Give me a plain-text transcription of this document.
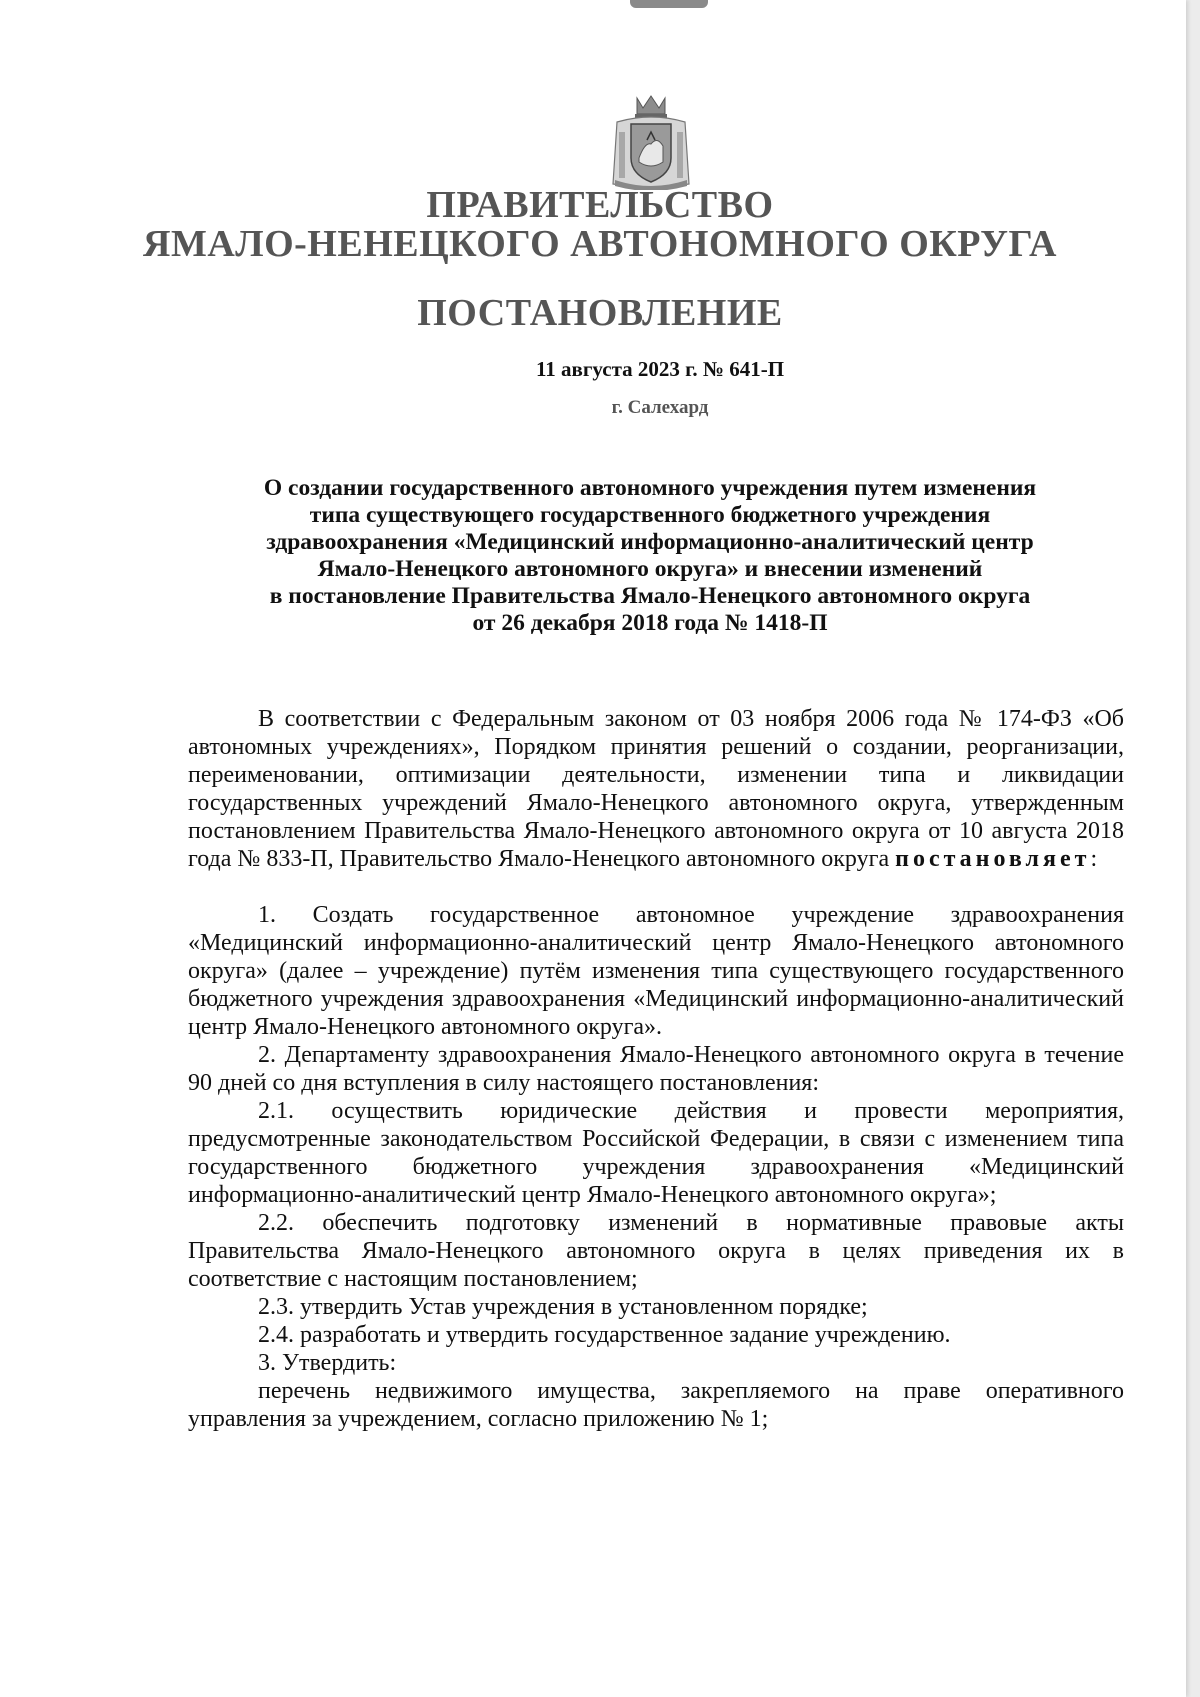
ПРАВИТЕЛЬСТВО
ЯМАЛО-НЕНЕЦКОГО АВТОНОМНОГО ОКРУГА
ПОСТАНОВЛЕНИЕ
11 августа 2023 г. № 641-П
г. Салехард
О создании государственного автономного учреждения путем изменения
типа существующего государственного бюджетного учреждения
здравоохранения «Медицинский информационно-аналитический центр
Ямало-Ненецкого автономного округа» и внесении изменений
в постановление Правительства Ямало-Ненецкого автономного округа
от 26 декабря 2018 года № 1418-П

В соответствии с Федеральным законом от 03 ноября 2006 года № 174-ФЗ «Об автономных учреждениях», Порядком принятия решений о создании, реорганизации, переименовании, оптимизации деятельности, изменении типа и ликвидации государственных учреждений Ямало-Ненецкого автономного округа, утвержденным постановлением Правительства Ямало-Ненецкого автономного округа от 10 августа 2018 года № 833-П, Правительство Ямало-Ненецкого автономного округа постановляет:

1. Создать государственное автономное учреждение здравоохранения «Медицинский информационно-аналитический центр Ямало-Ненецкого автономного округа» (далее – учреждение) путём изменения типа существующего государственного бюджетного учреждения здравоохранения «Медицинский информационно-аналитический центр Ямало-Ненецкого автономного округа».

2. Департаменту здравоохранения Ямало-Ненецкого автономного округа в течение 90 дней со дня вступления в силу настоящего постановления:

2.1. осуществить юридические действия и провести мероприятия, предусмотренные законодательством Российской Федерации, в связи с изменением типа государственного бюджетного учреждения здравоохранения «Медицинский информационно-аналитический центр Ямало-Ненецкого автономного округа»;

2.2. обеспечить подготовку изменений в нормативные правовые акты Правительства Ямало-Ненецкого автономного округа в целях приведения их в соответствие с настоящим постановлением;

2.3. утвердить Устав учреждения в установленном порядке;

2.4. разработать и утвердить государственное задание учреждению.

3. Утвердить:

перечень недвижимого имущества, закрепляемого на праве оперативного управления за учреждением, согласно приложению № 1;
